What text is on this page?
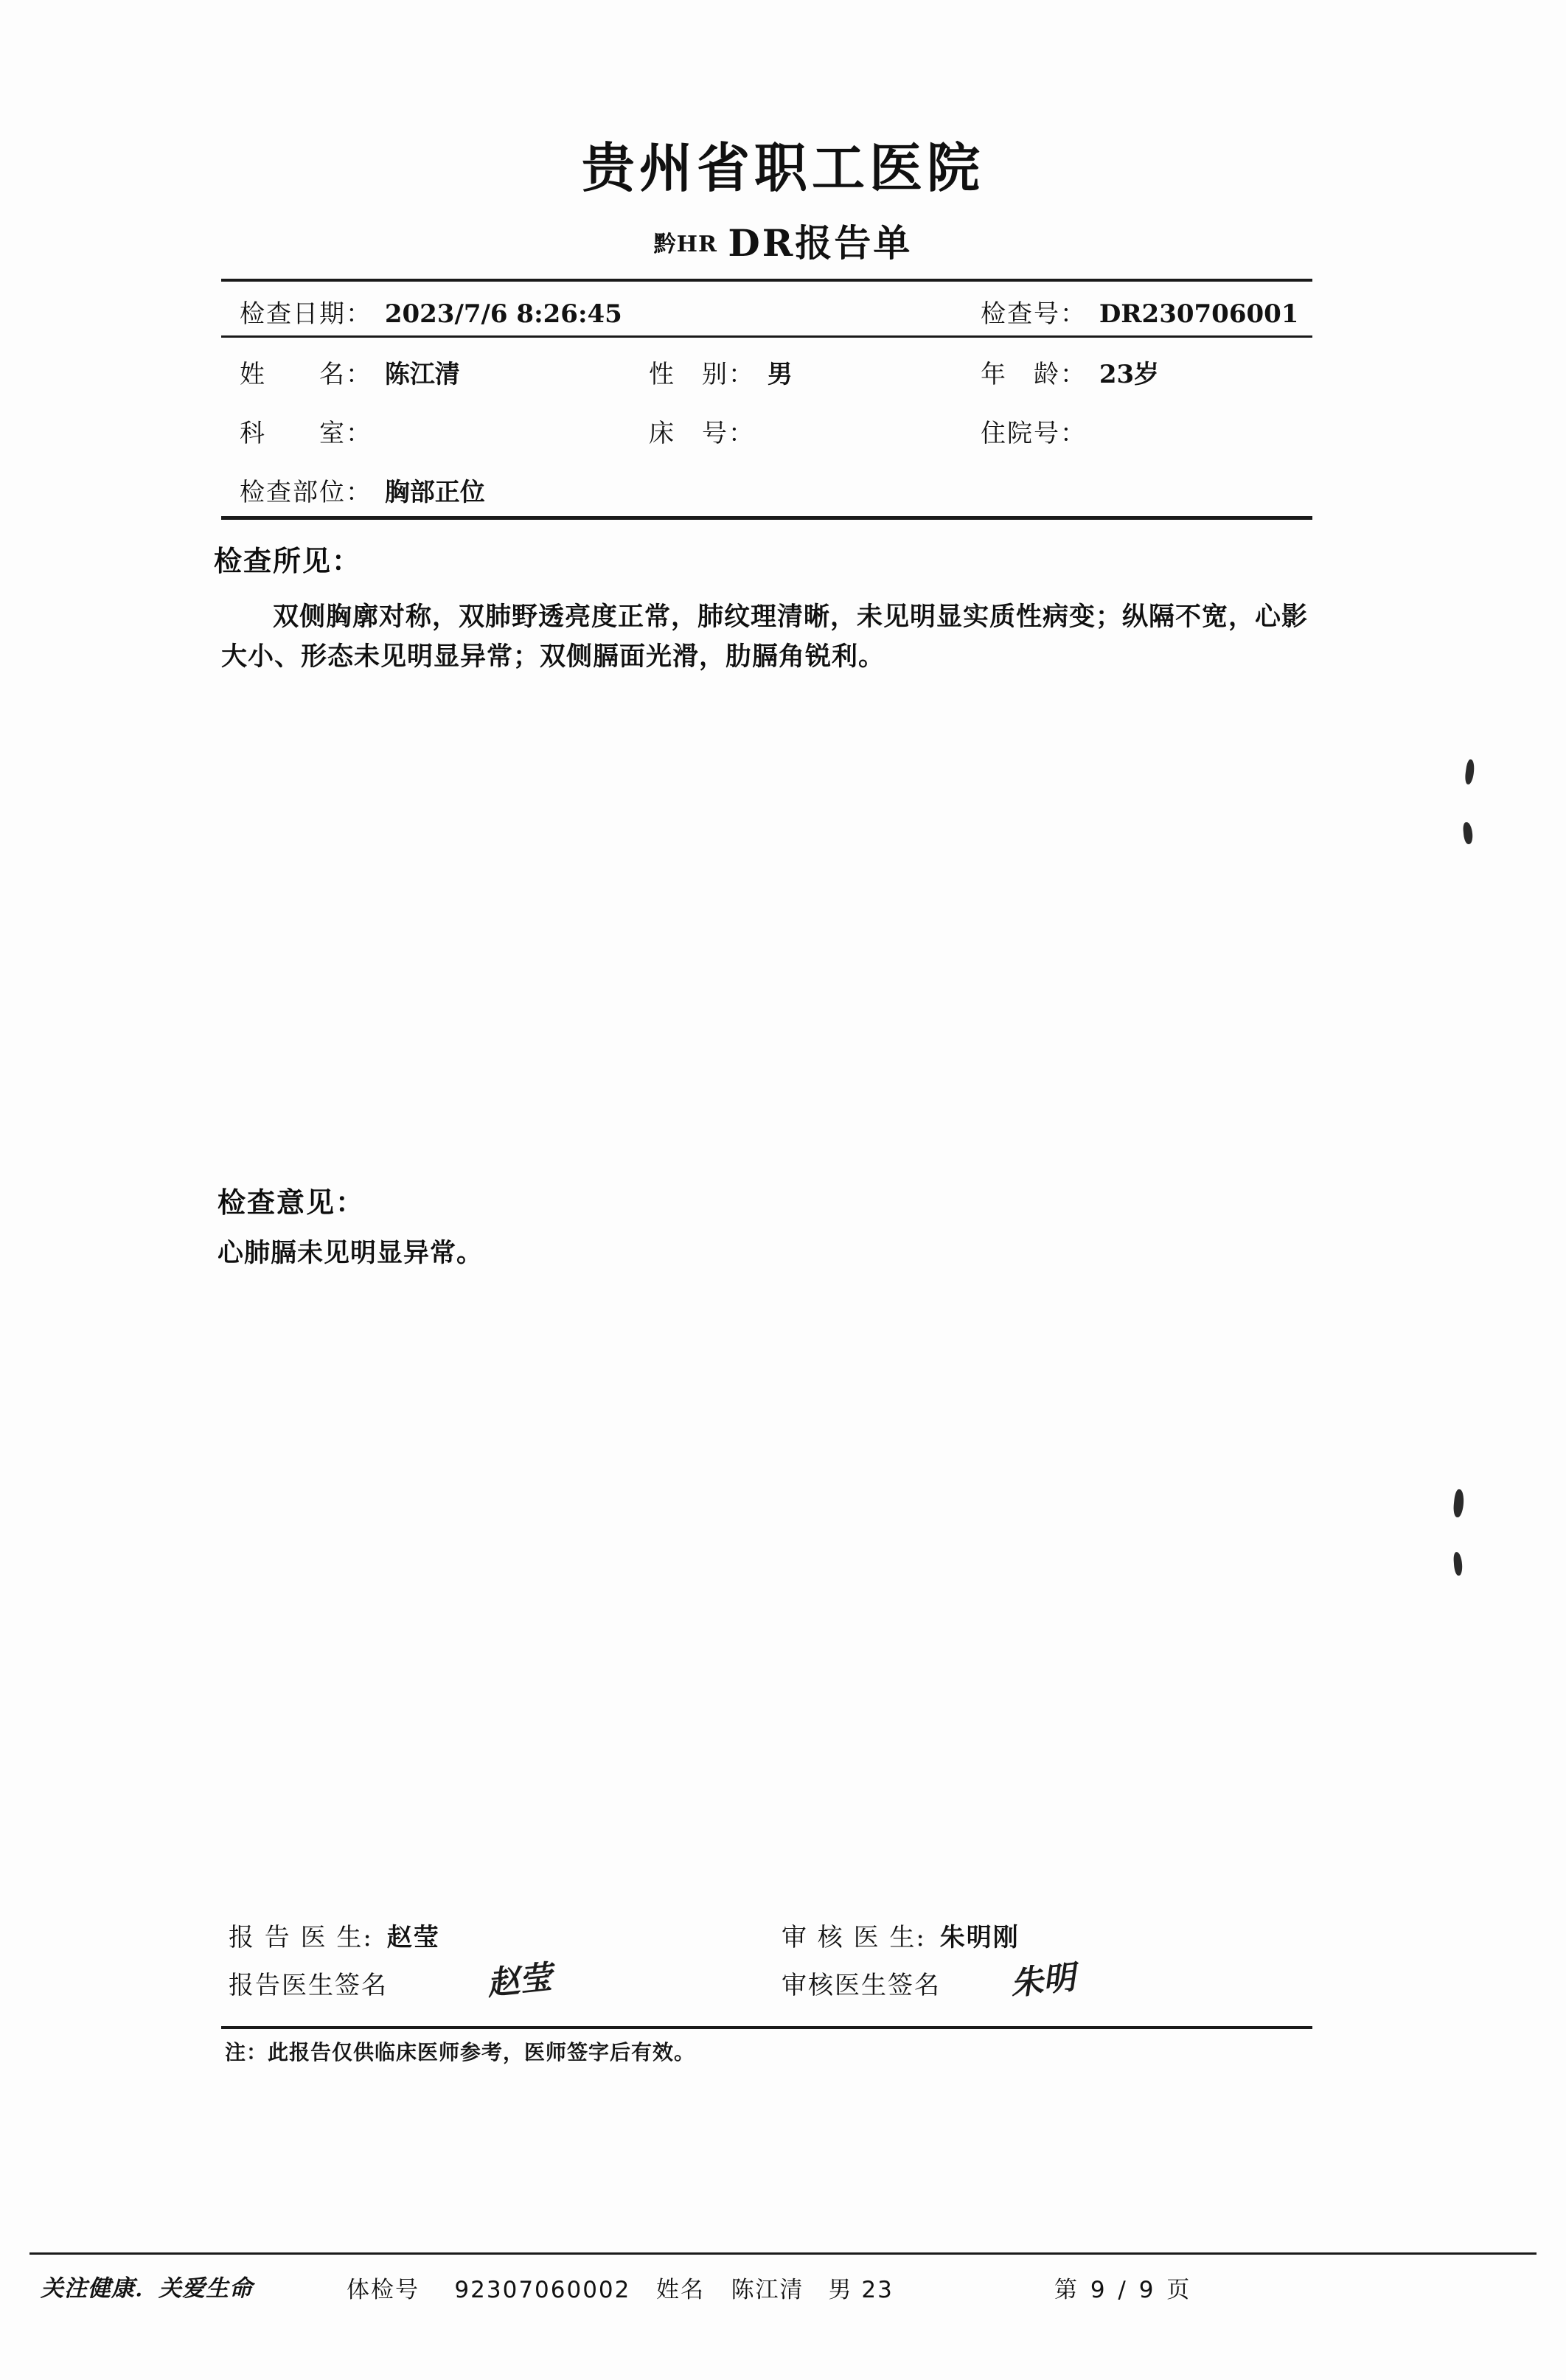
贵州省职工医院
黔HR DR报告单
检查日期： 2023/7/6 8:26:45	检查号： DR230706001
姓　　名： 陈江清	性　别： 男	年　龄： 23岁
科　　室：	床　号：	住院号：
检查部位： 胸部正位
检查所见：
双侧胸廓对称，双肺野透亮度正常，肺纹理清晰，未见明显实质性病变；纵隔不宽，心影大小、形态未见明显异常；双侧膈面光滑，肋膈角锐利。
检查意见：
心肺膈未见明显异常。
报 告 医 生: 赵莹	审 核 医 生: 朱明刚
报告医生签名	审核医生签名
赵莹	朱明
注：此报告仅供临床医师参考，医师签字后有效。
关注健康．关爱生命	体检号 92307060002 姓名 陈江清　男 23	第 9 / 9 页
